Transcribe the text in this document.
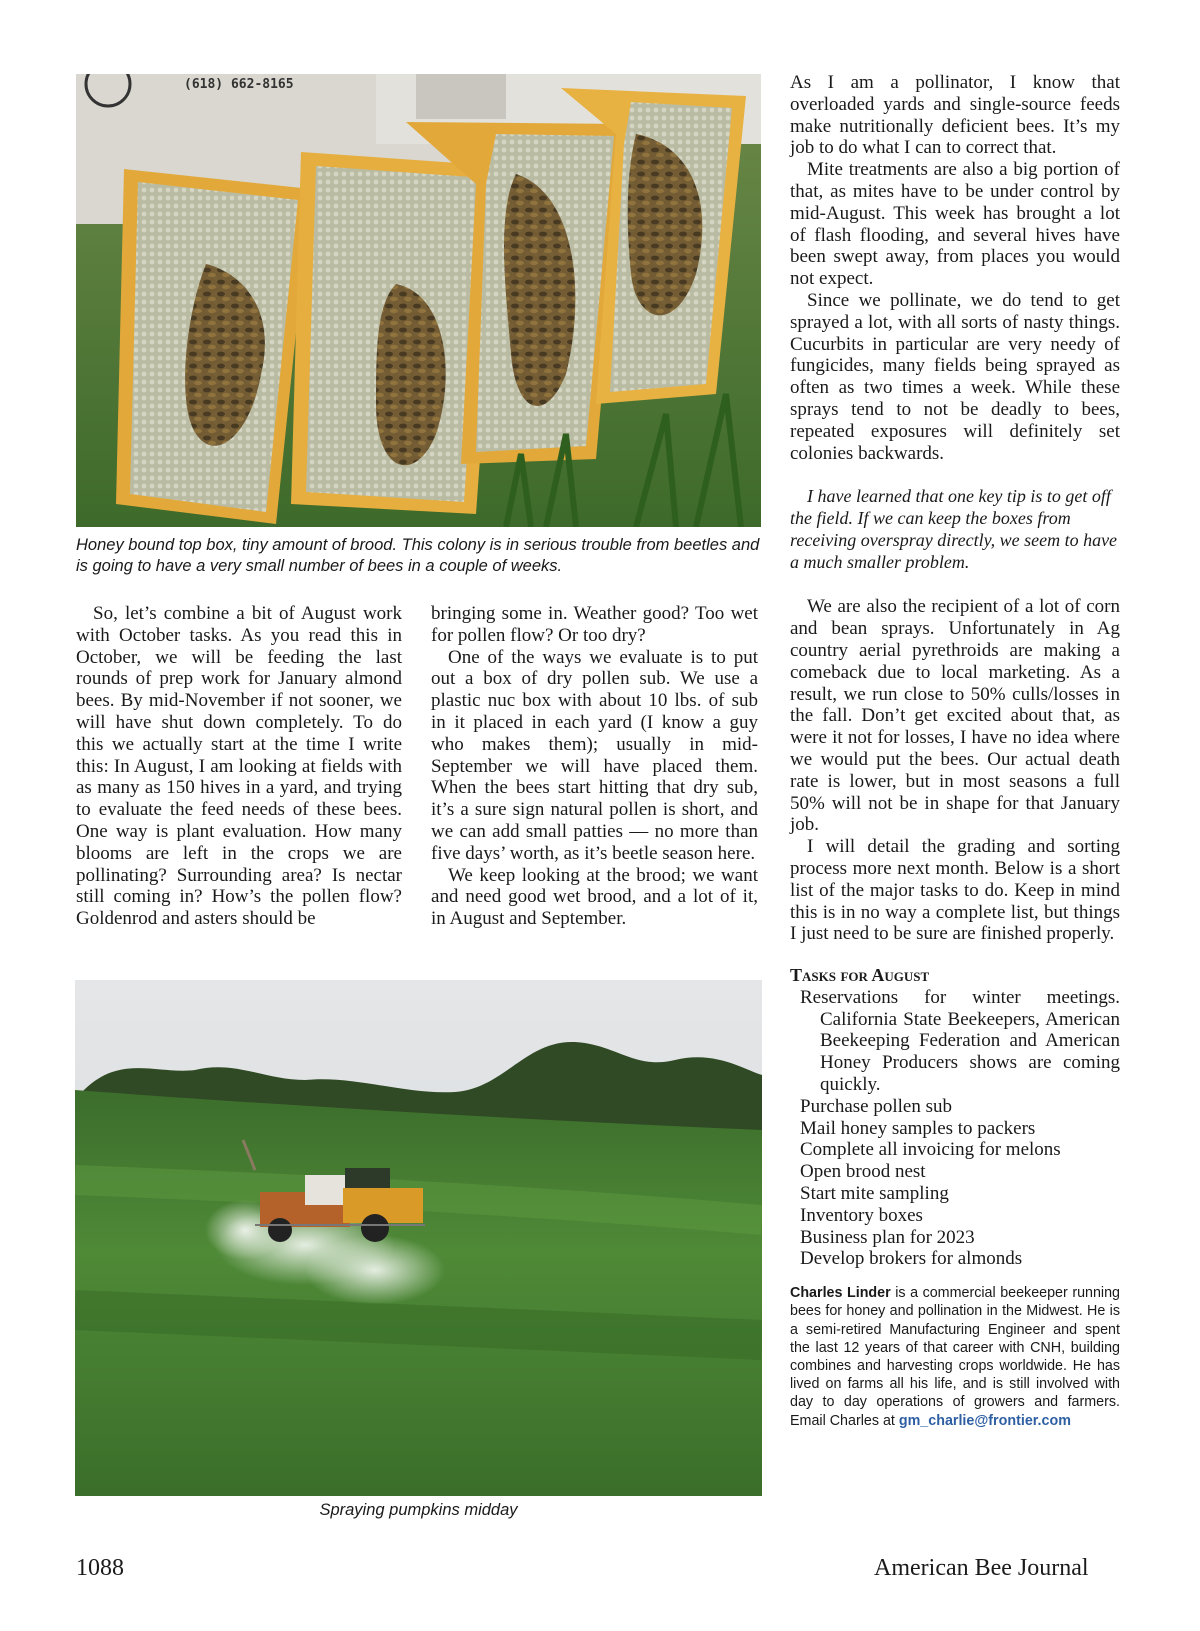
(618) 662-8165
Honey bound top box, tiny amount of brood. This colony is in serious trouble from beetles and is going to have a very small number of bees in a couple of weeks.

So, let’s combine a bit of August work with October tasks. As you read this in October, we will be feeding the last rounds of prep work for January almond bees. By mid-November if not sooner, we will have shut down completely. To do this we actually start at the time I write this: In August, I am looking at fields with as many as 150 hives in a yard, and trying to evaluate the feed needs of these bees. One way is plant evaluation. How many blooms are left in the crops we are pollinating? Surrounding area? Is nectar still coming in? How’s the pollen flow? Goldenrod and asters should be

bringing some in. Weather good? Too wet for pollen flow? Or too dry?

One of the ways we evaluate is to put out a box of dry pollen sub. We use a plastic nuc box with about 10 lbs. of sub in it placed in each yard (I know a guy who makes them); usually in mid-September we will have placed them. When the bees start hitting that dry sub, it’s a sure sign natural pollen is short, and we can add small patties — no more than five days’ worth, as it’s beetle season here.

We keep looking at the brood; we want and need good wet brood, and a lot of it, in August and September.

Spraying pumpkins midday

As I am a pollinator, I know that overloaded yards and single-source feeds make nutritionally deficient bees. It’s my job to do what I can to correct that.

Mite treatments are also a big portion of that, as mites have to be under control by mid-August. This week has brought a lot of flash flooding, and several hives have been swept away, from places you would not expect.

Since we pollinate, we do tend to get sprayed a lot, with all sorts of nasty things. Cucurbits in particular are very needy of fungicides, many fields being sprayed as often as two times a week. While these sprays tend to not be deadly to bees, repeated exposures will definitely set colonies backwards.

I have learned that one key tip is to get off the field. If we can keep the boxes from receiving overspray directly, we seem to have a much smaller problem.

We are also the recipient of a lot of corn and bean sprays. Unfortunately in Ag country aerial pyrethroids are making a comeback due to local marketing. As a result, we run close to 50% culls/losses in the fall. Don’t get excited about that, as were it not for losses, I have no idea where we would put the bees. Our actual death rate is lower, but in most seasons a full 50% will not be in shape for that January job.

I will detail the grading and sorting process more next month. Below is a short list of the major tasks to do. Keep in mind this is in no way a complete list, but things I just need to be sure are finished properly.

Tasks for August

Reservations for winter meetings. California State Beekeepers, American Beekeeping Federation and American Honey Producers shows are coming quickly.
Purchase pollen sub
Mail honey samples to packers
Complete all invoicing for melons
Open brood nest
Start mite sampling
Inventory boxes
Business plan for 2023
Develop brokers for almonds
Charles Linder is a commercial beekeeper running bees for honey and pollination in the Midwest. He is a semi-retired Manufacturing Engineer and spent the last 12 years of that career with CNH, building combines and harvesting crops worldwide. He has lived on farms all his life, and is still involved with day to day operations of growers and farmers. Email Charles at gm_charlie@frontier.com
1088	American Bee Journal
